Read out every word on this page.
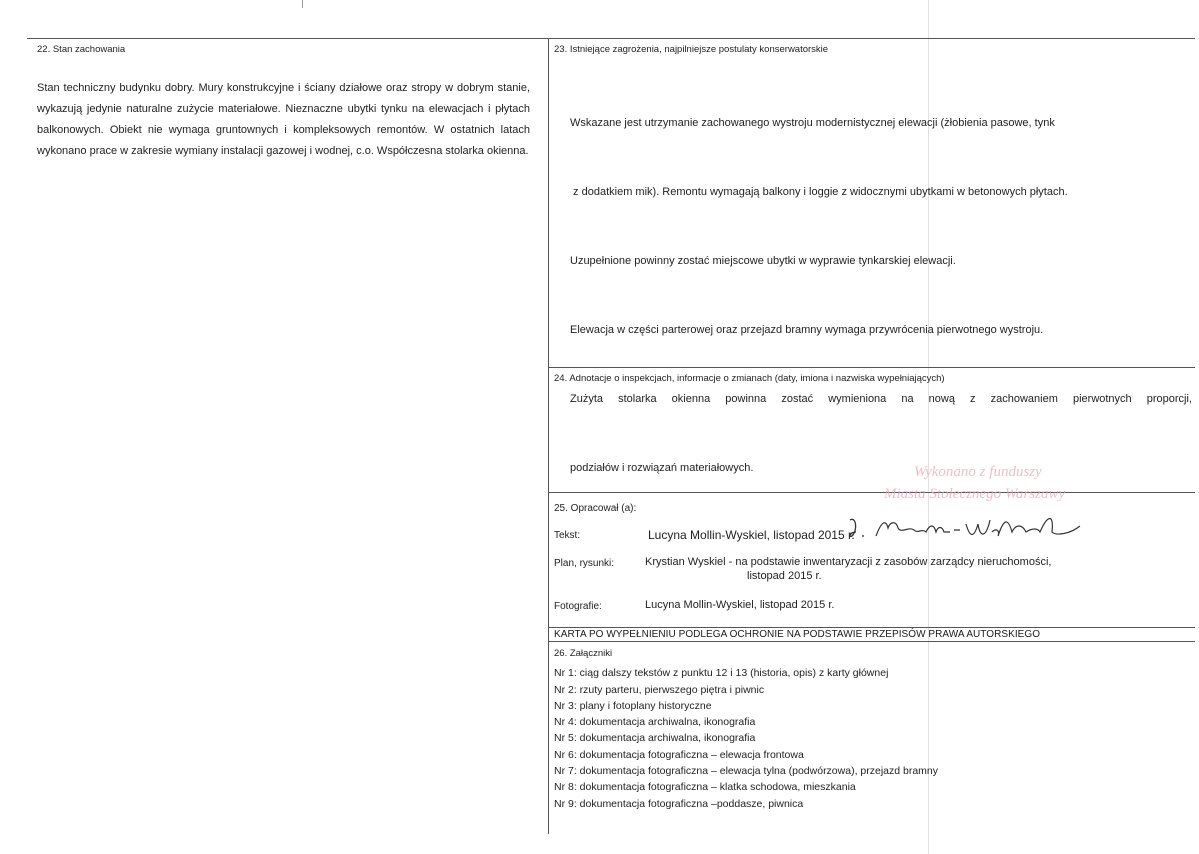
22. Stan zachowania
Stan techniczny budynku dobry. Mury konstrukcyjne i ściany działowe oraz stropy w dobrym stanie, wykazują jedynie naturalne zużycie materiałowe. Nieznaczne ubytki tynku na elewacjach i płytach balkonowych. Obiekt nie wymaga gruntownych i kompleksowych remontów. W ostatnich latach wykonano prace w zakresie wymiany instalacji gazowej i wodnej, c.o. Współczesna stolarka okienna.
23. Istniejące zagrożenia, najpilniejsze postulaty konserwatorskie

Wskazane jest utrzymanie zachowanego wystroju modernistycznej elewacji (żłobienia pasowe, tynk

z dodatkiem mik). Remontu wymagają balkony i loggie z widocznymi ubytkami w betonowych płytach.

Uzupełnione powinny zostać miejscowe ubytki w wyprawie tynkarskiej elewacji.

Elewacja w części parterowej oraz przejazd bramny wymaga przywrócenia pierwotnego wystroju.

Zużyta stolarka okienna powinna zostać wymieniona na nową z zachowaniem pierwotnych proporcji,

podziałów i rozwiązań materiałowych.

24. Adnotacje o inspekcjach, informacje o zmianach (daty, imiona i nazwiska wypełniających)
Wykonano z funduszy
Miasta Stołecznego Warszawy
25. Opracował (a):
Tekst:	Lucyna Mollin-Wyskiel, listopad 2015 r.
Plan, rysunki:	Krystian Wyskiel - na podstawie inwentaryzacji z zasobów zarządcy nieruchomości,
listopad 2015 r.
Fotografie:	Lucyna Mollin-Wyskiel, listopad 2015 r.
KARTA PO WYPEŁNIENIU PODLEGA OCHRONIE NA PODSTAWIE PRZEPISÓW PRAWA AUTORSKIEGO
26. Załączniki
Nr 1: ciąg dalszy tekstów z punktu 12 i 13 (historia, opis) z karty głównej
Nr 2: rzuty parteru, pierwszego piętra i piwnic
Nr 3: plany i fotoplany historyczne
Nr 4: dokumentacja archiwalna, ikonografia
Nr 5: dokumentacja archiwalna, ikonografia
Nr 6: dokumentacja fotograficzna – elewacja frontowa
Nr 7: dokumentacja fotograficzna – elewacja tylna (podwórzowa), przejazd bramny
Nr 8: dokumentacja fotograficzna – klatka schodowa, mieszkania
Nr 9: dokumentacja fotograficzna –poddasze, piwnica
